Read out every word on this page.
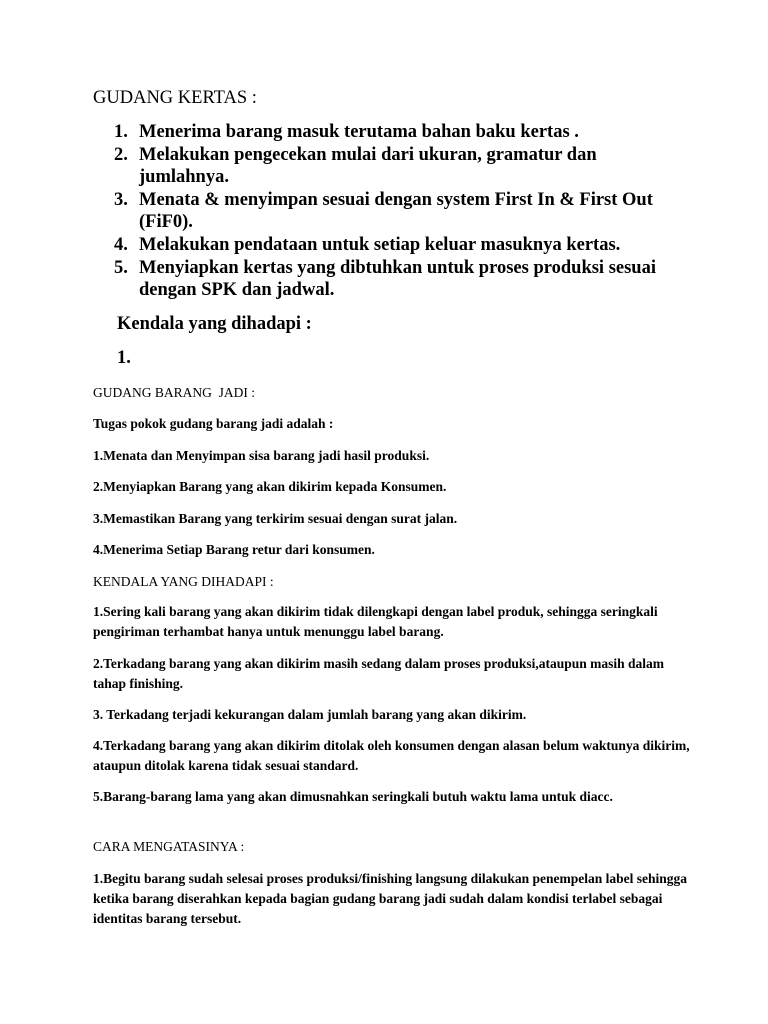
GUDANG KERTAS :
1. Menerima barang masuk terutama bahan baku kertas .
2. Melakukan pengecekan mulai dari ukuran, gramatur dan jumlahnya.
3. Menata & menyimpan sesuai dengan system First In & First Out (FiF0).
4. Melakukan pendataan untuk setiap keluar masuknya kertas.
5. Menyiapkan kertas yang dibtuhkan untuk proses produksi sesuai dengan SPK dan jadwal.

Kendala yang dihadapi :

1.

GUDANG BARANG  JADI :

Tugas pokok gudang barang jadi adalah :

1.Menata dan Menyimpan sisa barang jadi hasil produksi.

2.Menyiapkan Barang yang akan dikirim kepada Konsumen.

3.Memastikan Barang yang terkirim sesuai dengan surat jalan.

4.Menerima Setiap Barang retur dari konsumen.

KENDALA YANG DIHADAPI :

1.Sering kali barang yang akan dikirim tidak dilengkapi dengan label produk, sehingga seringkali pengiriman terhambat hanya untuk menunggu label barang.

2.Terkadang barang yang akan dikirim masih sedang dalam proses produksi,ataupun masih dalam tahap finishing.

3. Terkadang terjadi kekurangan dalam jumlah barang yang akan dikirim.

4.Terkadang barang yang akan dikirim ditolak oleh konsumen dengan alasan belum waktunya dikirim, ataupun ditolak karena tidak sesuai standard.

5.Barang-barang lama yang akan dimusnahkan seringkali butuh waktu lama untuk diacc.

CARA MENGATASINYA :

1.Begitu barang sudah selesai proses produksi/finishing langsung dilakukan penempelan label sehingga ketika barang diserahkan kepada bagian gudang barang jadi sudah dalam kondisi terlabel sebagai identitas barang tersebut.
